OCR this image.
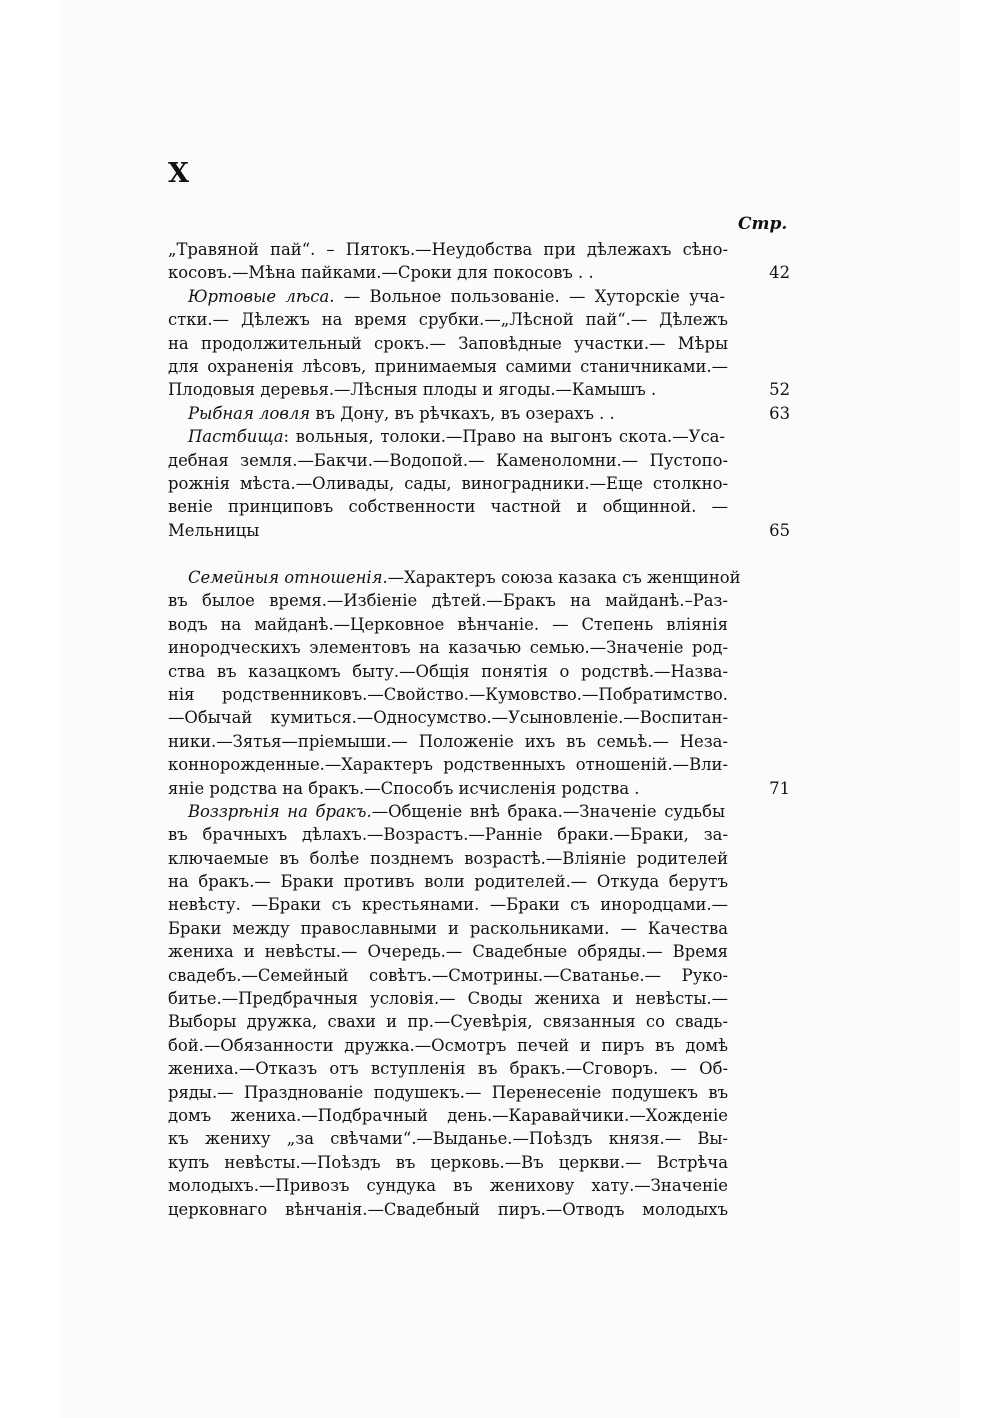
X
Стр.
„Травяной пай“. – Пятокъ.—Неудобства при дѣлежахъ сѣно-
косовъ.—Мѣна пайками.—Сроки для покосовъ . .	42
Юртовые лѣса. — Вольное пользованіе. — Хуторскіе уча-
стки.— Дѣлежъ на время срубки.—„Лѣсной пай“.— Дѣлежъ
на продолжительный срокъ.— Заповѣдные участки.— Мѣры
для охраненія лѣсовъ, принимаемыя самими станичниками.—
Плодовыя деревья.—Лѣсныя плоды и ягоды.—Камышъ .	52
Рыбная ловля въ Дону, въ рѣчкахъ, въ озерахъ . .	63
Пастбища: вольныя, толоки.—Право на выгонъ скота.—Уса-
дебная земля.—Бакчи.—Водопой.— Каменоломни.— Пустопо-
рожнія мѣста.—Оливады, сады, виноградники.—Еще столкно-
веніе принциповъ собственности частной и общинной. —
Мельницы	65
Семейныя отношенія.—Характеръ союза казака съ женщиной
въ былое время.—Избіеніе дѣтей.—Бракъ на майданѣ.–Раз-
водъ на майданѣ.—Церковное вѣнчаніе. — Степень вліянія
инородческихъ элементовъ на казачью семью.—Значеніе род-
ства въ казацкомъ быту.—Общія понятія о родствѣ.—Назва-
нія родственниковъ.—Свойство.—Кумовство.—Побратимство.
—Обычай кумиться.—Односумство.—Усыновленіе.—Воспитан-
ники.—Зятья—пріемыши.— Положеніе ихъ въ семьѣ.— Неза-
коннорожденные.—Характеръ родственныхъ отношеній.—Вли-
яніе родства на бракъ.—Способъ исчисленія родства .	71
Воззрѣнія на бракъ.—Общеніе внѣ брака.—Значеніе судьбы
въ брачныхъ дѣлахъ.—Возрастъ.—Ранніе браки.—Браки, за-
ключаемые въ болѣе позднемъ возрастѣ.—Вліяніе родителей
на бракъ.— Браки противъ воли родителей.— Откуда берутъ
невѣсту. —Браки съ крестьянами. —Браки съ инородцами.—
Браки между православными и раскольниками. — Качества
жениха и невѣсты.— Очередь.— Свадебные обряды.— Время
свадебъ.—Семейный совѣтъ.—Смотрины.—Сватанье.— Руко-
битье.—Предбрачныя условія.— Своды жениха и невѣсты.—
Выборы дружка, свахи и пр.—Суевѣрія, связанныя со свадь-
бой.—Обязанности дружка.—Осмотръ печей и пиръ въ домѣ
жениха.—Отказъ отъ вступленія въ бракъ.—Сговоръ. — Об-
ряды.— Празднованіе подушекъ.— Перенесеніе подушекъ въ
домъ жениха.—Подбрачный день.—Каравайчики.—Хожденіе
къ жениху „за свѣчами“.—Выданье.—Поѣздъ князя.— Вы-
купъ невѣсты.—Поѣздъ въ церковь.—Въ церкви.— Встрѣча
молодыхъ.—Привозъ сундука въ женихову хату.—Значеніе
церковнаго вѣнчанія.—Свадебный пиръ.—Отводъ молодыхъ
